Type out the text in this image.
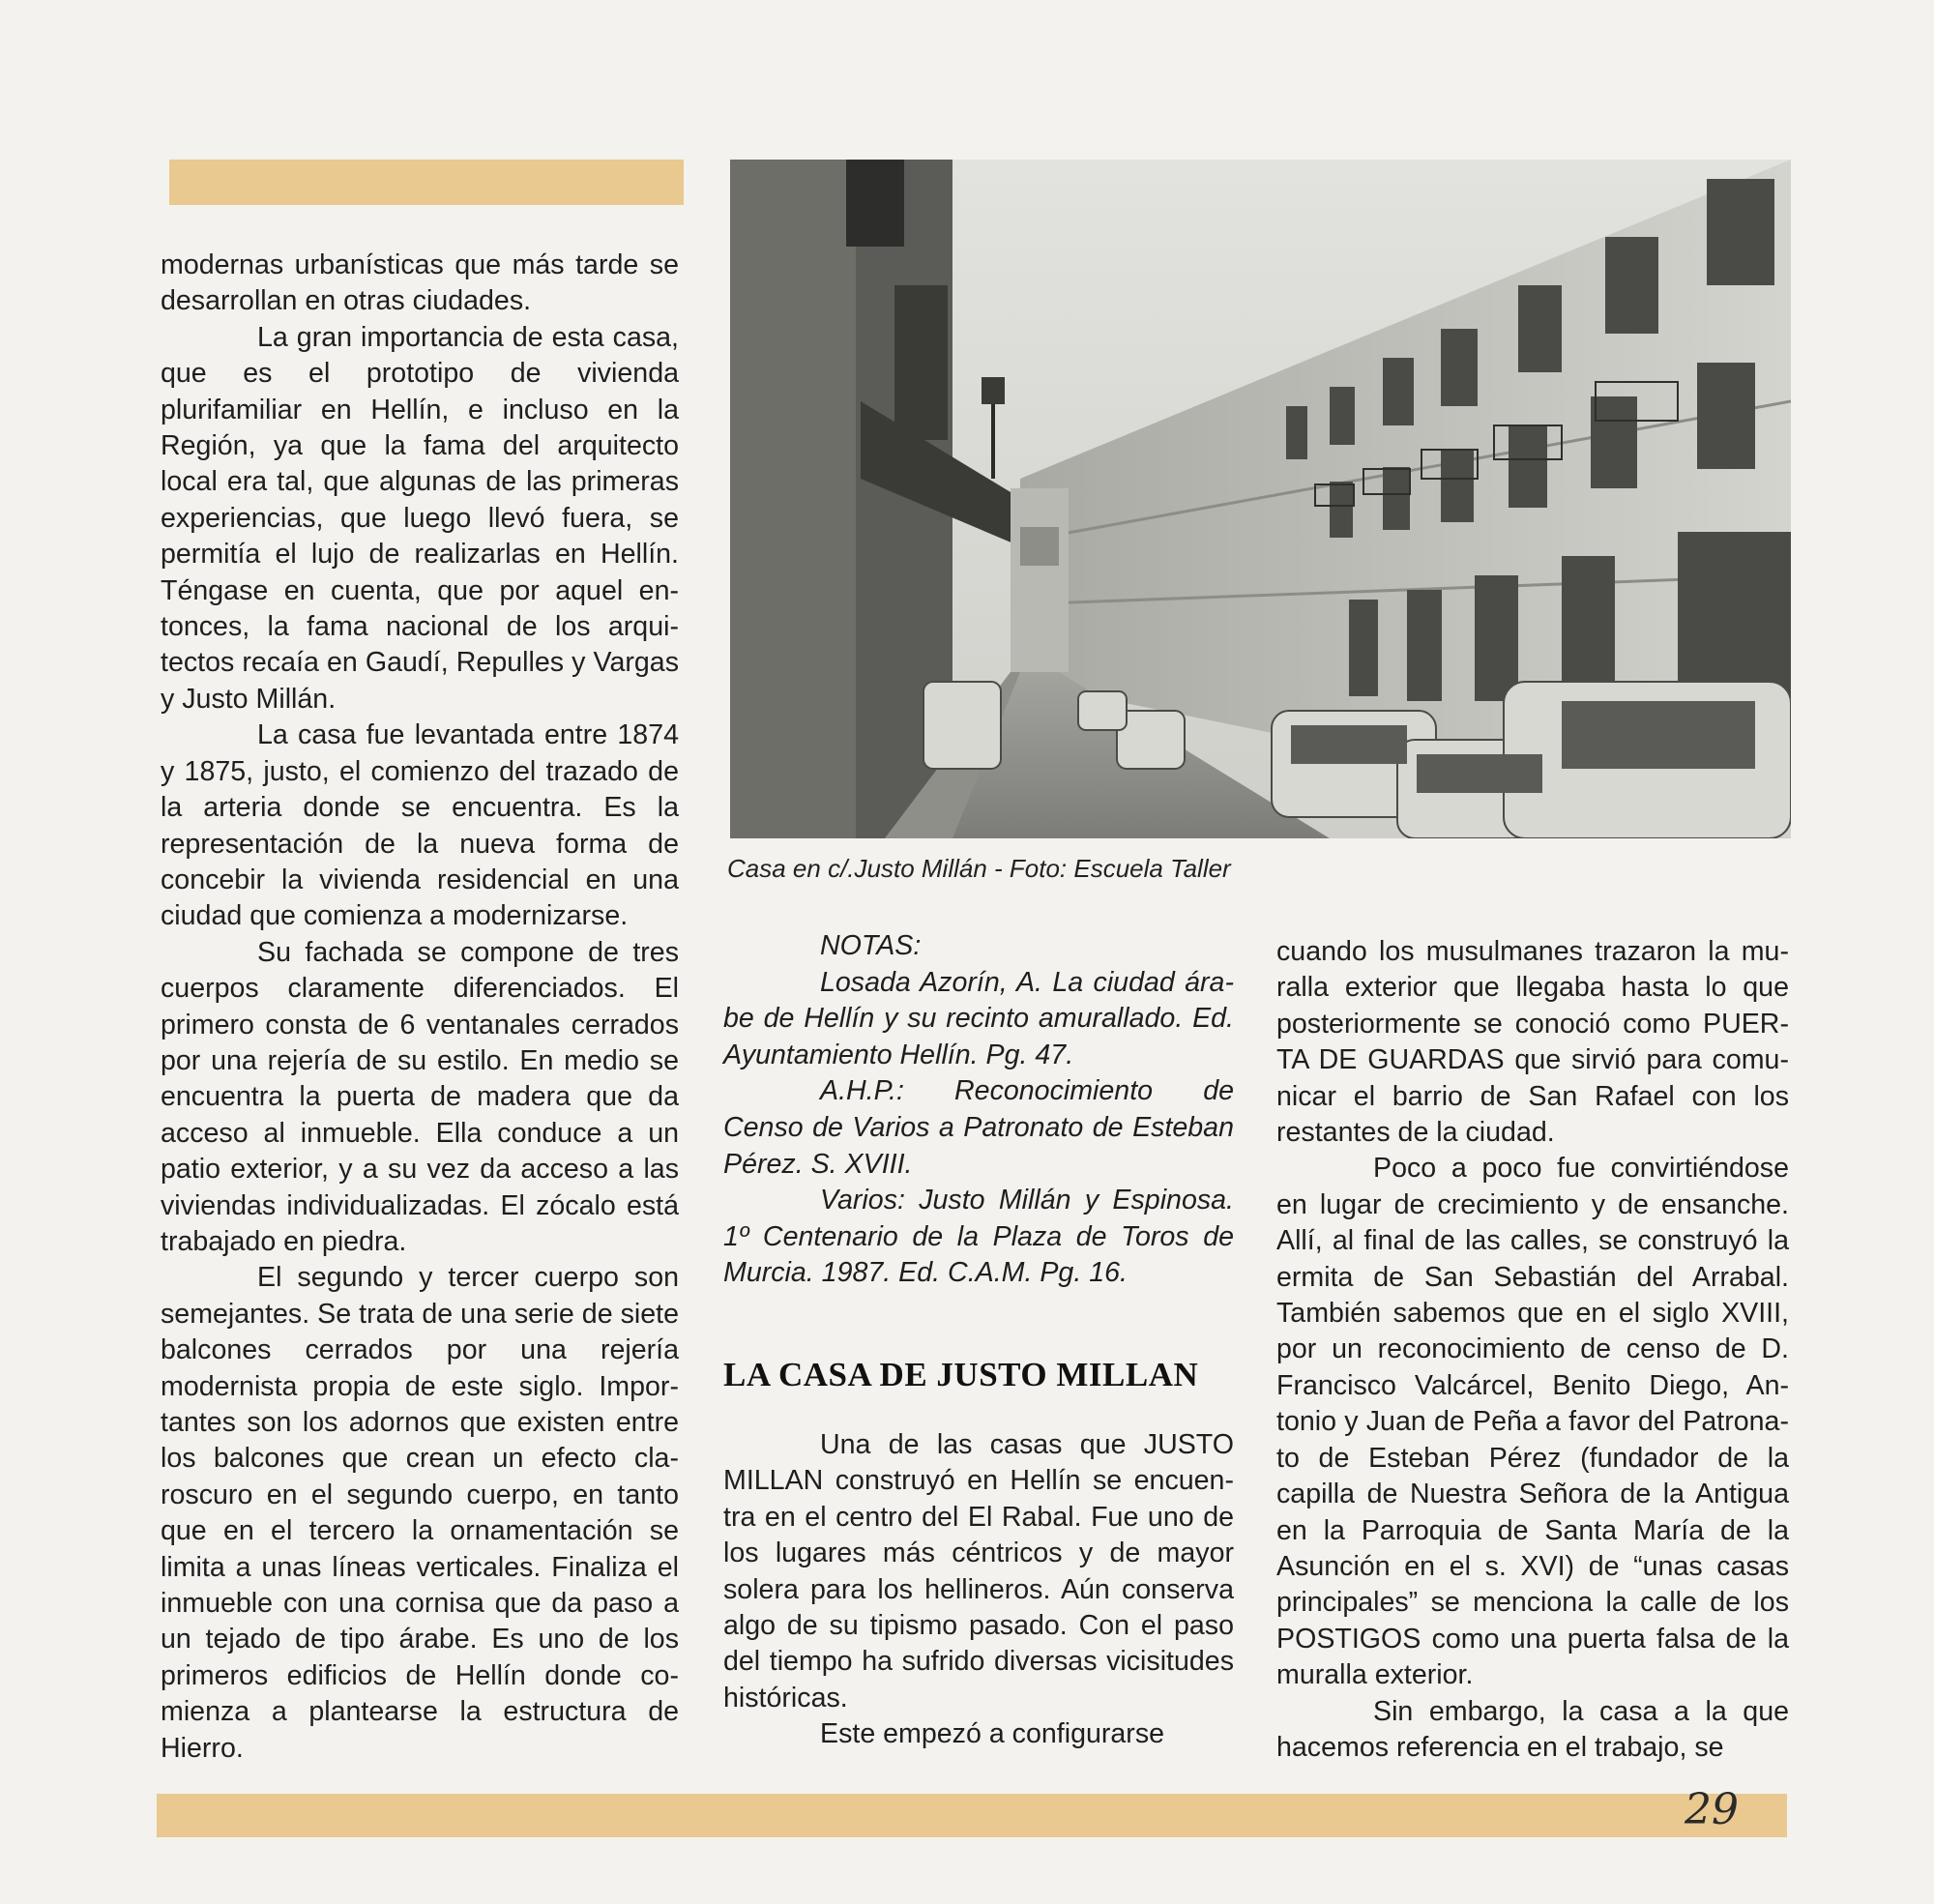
modernas urbanísticas que más tarde se desarrollan en otras ciudades.

La gran importancia de esta casa, que es el prototipo de vivienda plurifamiliar en Hellín, e incluso en la Región, ya que la fama del arquitecto local era tal, que algunas de las primeras experiencias, que luego llevó fuera, se permitía el lujo de realizarlas en Hellín. Téngase en cuenta, que por aquel entonces, la fama nacional de los arquitectos recaía en Gaudí, Repulles y Vargas y Justo Millán.

La casa fue levantada entre 1874 y 1875, justo, el comienzo del trazado de la arteria donde se encuentra. Es la representación de la nueva forma de concebir la vivienda residencial en una ciudad que comienza a modernizarse.

Su fachada se compone de tres cuerpos claramente diferenciados. El primero consta de 6 ventanales cerrados por una rejería de su estilo. En medio se encuentra la puerta de madera que da acceso al inmueble. Ella conduce a un patio exterior, y a su vez da acceso a las viviendas individualizadas. El zócalo está trabajado en piedra.

El segundo y tercer cuerpo son semejantes. Se trata de una serie de siete balcones cerrados por una rejería modernista propia de este siglo. Importantes son los adornos que existen entre los balcones que crean un efecto claroscuro en el segundo cuerpo, en tanto que en el tercero la ornamentación se limita a unas líneas verticales. Finaliza el inmueble con una cornisa que da paso a un tejado de tipo árabe. Es uno de los primeros edificios de Hellín donde comienza a plantearse la estructura de Hierro.

Casa en c/.Justo Millán - Foto: Escuela Taller

NOTAS:

Losada Azorín, A. La ciudad árabe de Hellín y su recinto amurallado. Ed. Ayuntamiento Hellín. Pg. 47.

A.H.P.: Reconocimiento de Censo de Varios a Patronato de Esteban Pérez. S. XVIII.

Varios: Justo Millán y Espinosa. 1º Centenario de la Plaza de Toros de Murcia. 1987. Ed. C.A.M. Pg. 16.

LA CASA DE JUSTO MILLAN

Una de las casas que JUSTO MILLAN construyó en Hellín se encuentra en el centro del El Rabal. Fue uno de los lugares más céntricos y de mayor solera para los hellineros. Aún conserva algo de su tipismo pasado. Con el paso del tiempo ha sufrido diversas vicisitudes históricas.

Este empezó a configurarse

cuando los musulmanes trazaron la muralla exterior que llegaba hasta lo que posteriormente se conoció como PUERTA DE GUARDAS que sirvió para comunicar el barrio de San Rafael con los restantes de la ciudad.

Poco a poco fue convirtiéndose en lugar de crecimiento y de ensanche. Allí, al final de las calles, se construyó la ermita de San Sebastián del Arrabal. También sabemos que en el siglo XVIII, por un reconocimiento de censo de D. Francisco Valcárcel, Benito Diego, Antonio y Juan de Peña a favor del Patronato de Esteban Pérez (fundador de la capilla de Nuestra Señora de la Antigua en la Parroquia de Santa María de la Asunción en el s. XVI) de “unas casas principales” se menciona la calle de los POSTIGOS como una puerta falsa de la muralla exterior.

Sin embargo, la casa a la que hacemos referencia en el trabajo, se

29
